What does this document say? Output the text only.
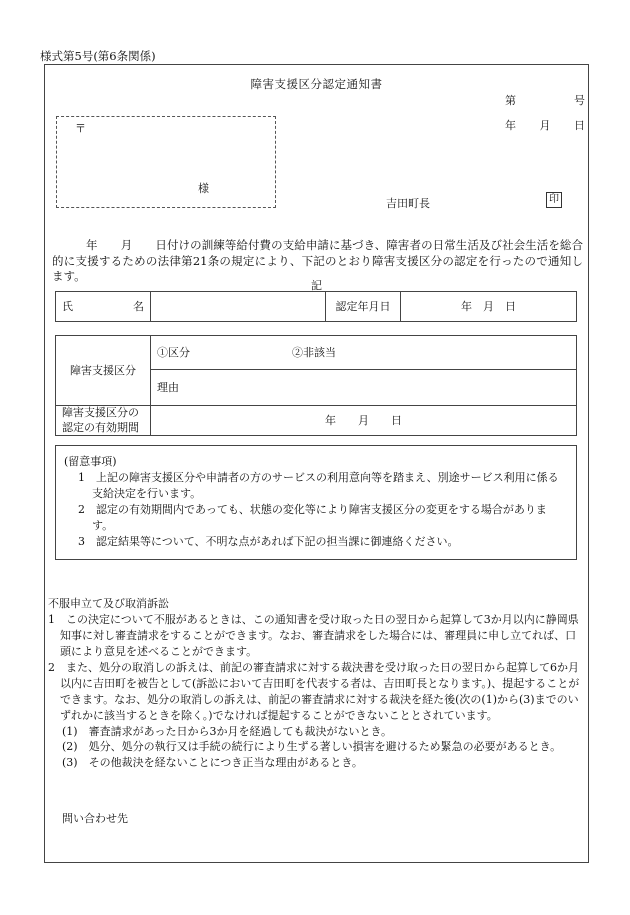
様式第5号(第6条関係)
障害支援区分認定通知書
第	号
年 月 日
〒
様
吉田町長	印
年　　月　　日付けの訓練等給付費の支給申請に基づき、障害者の日常生活及び社会生活を総合的に支援するための法律第21条の規定により、下記のとおり障害支援区分の認定を行ったので通知します。
記
氏	名		認定年月日	年　月　日
障害支援区分	①区分 ②非該当
	理由

障害支援区分の
認定の有効期間	年　　月　　日

(留意事項)

1　上記の障害支援区分や申請者の方のサービスの利用意向等を踏まえ、別途サービス利用に係る支給決定を行います。

2　認定の有効期間内であっても、状態の変化等により障害支援区分の変更をする場合があります。

3　認定結果等について、不明な点があれば下記の担当課に御連絡ください。

不服申立て及び取消訴訟

1　この決定について不服があるときは、この通知書を受け取った日の翌日から起算して3か月以内に静岡県知事に対し審査請求をすることができます。なお、審査請求をした場合には、審理員に申し立てれば、口頭により意見を述べることができます。

2　また、処分の取消しの訴えは、前記の審査請求に対する裁決書を受け取った日の翌日から起算して6か月以内に吉田町を被告として(訴訟において吉田町を代表する者は、吉田町長となります。)、提起することができます。なお、処分の取消しの訴えは、前記の審査請求に対する裁決を経た後(次の(1)から(3)までのいずれかに該当するときを除く。)でなければ提起することができないこととされています。

(1)　審査請求があった日から3か月を経過しても裁決がないとき。

(2)　処分、処分の執行又は手続の続行により生ずる著しい損害を避けるため緊急の必要があるとき。

(3)　その他裁決を経ないことにつき正当な理由があるとき。

問い合わせ先
